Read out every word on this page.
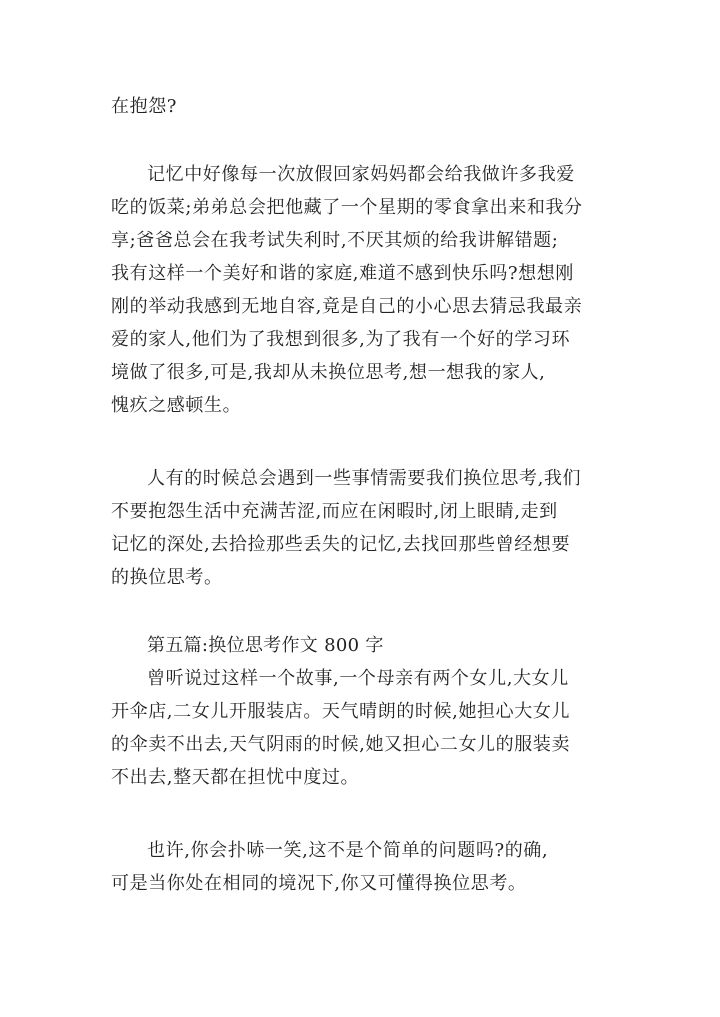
在抱怨?

记忆中好像每一次放假回家妈妈都会给我做许多我爱

吃的饭菜;弟弟总会把他藏了一个星期的零食拿出来和我分

享;爸爸总会在我考试失利时,不厌其烦的给我讲解错题;

我有这样一个美好和谐的家庭,难道不感到快乐吗?想想刚

刚的举动我感到无地自容,竟是自己的小心思去猜忌我最亲

爱的家人,他们为了我想到很多,为了我有一个好的学习环

境做了很多,可是,我却从未换位思考,想一想我的家人,

愧疚之感顿生。

人有的时候总会遇到一些事情需要我们换位思考,我们

不要抱怨生活中充满苦涩,而应在闲暇时,闭上眼睛,走到

记忆的深处,去拾捡那些丢失的记忆,去找回那些曾经想要

的换位思考。

第五篇:换位思考作文 800 字

曾听说过这样一个故事,一个母亲有两个女儿,大女儿

开伞店,二女儿开服装店。天气晴朗的时候,她担心大女儿

的伞卖不出去,天气阴雨的时候,她又担心二女儿的服装卖

不出去,整天都在担忧中度过。

也许,你会扑哧一笑,这不是个简单的问题吗?的确,

可是当你处在相同的境况下,你又可懂得换位思考。
